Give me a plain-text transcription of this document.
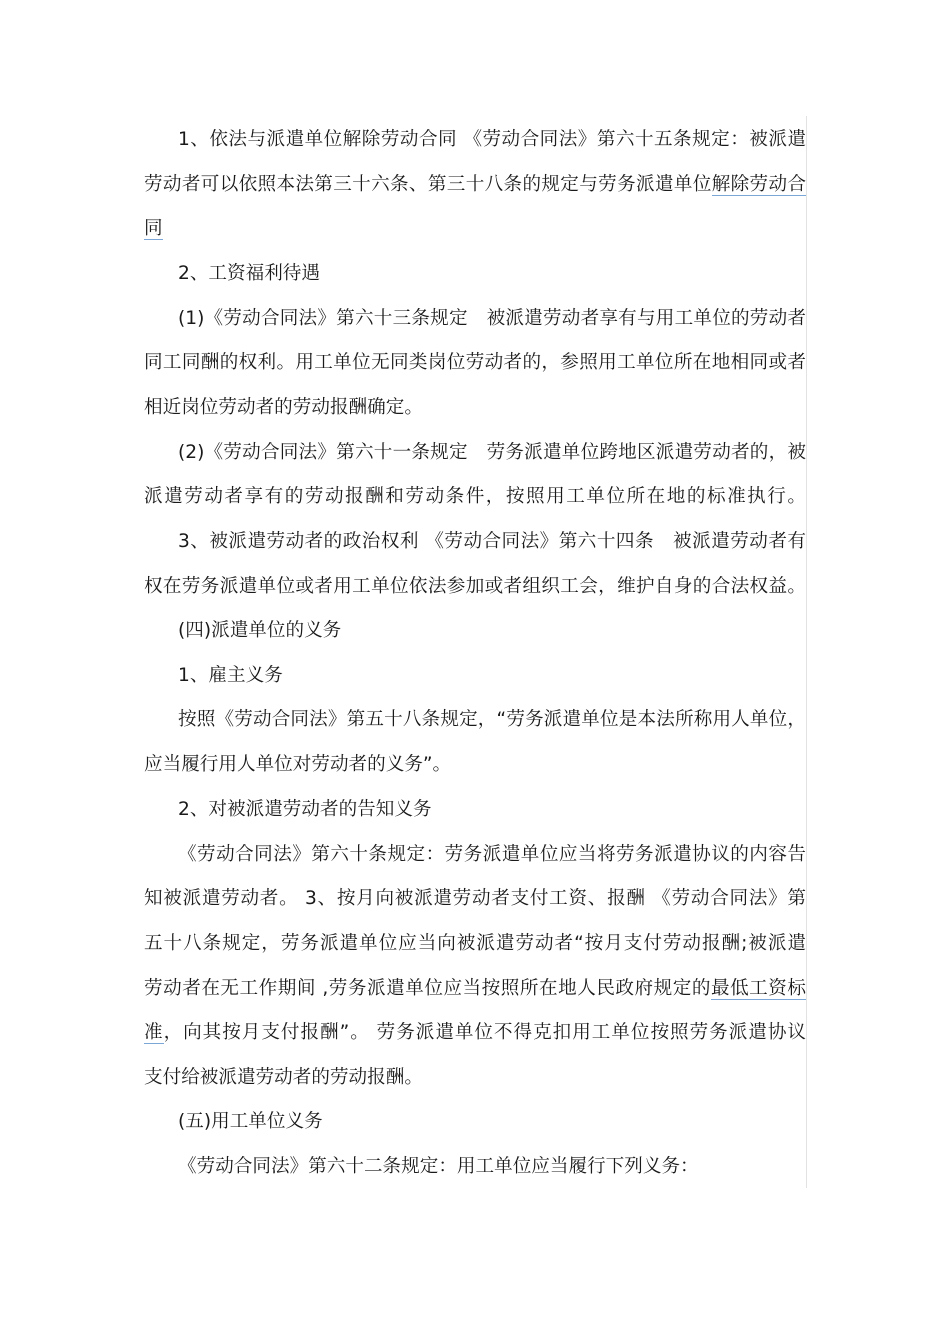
1、依法与派遣单位解除劳动合同 《劳动合同法》第六十五条规定：被派遣
劳动者可以依照本法第三十六条、第三十八条的规定与劳务派遣单位解除劳动合
同
2、工资福利待遇
(1)《劳动合同法》第六十三条规定　被派遣劳动者享有与用工单位的劳动者
同工同酬的权利。用工单位无同类岗位劳动者的，参照用工单位所在地相同或者
相近岗位劳动者的劳动报酬确定。
(2)《劳动合同法》第六十一条规定　劳务派遣单位跨地区派遣劳动者的，被
派遣劳动者享有的劳动报酬和劳动条件，按照用工单位所在地的标准执行。
3、被派遣劳动者的政治权利 《劳动合同法》第六十四条　被派遣劳动者有
权在劳务派遣单位或者用工单位依法参加或者组织工会，维护自身的合法权益。
(四)派遣单位的义务
1、雇主义务
按照《劳动合同法》第五十八条规定，“劳务派遣单位是本法所称用人单位，
应当履行用人单位对劳动者的义务”。
2、对被派遣劳动者的告知义务
《劳动合同法》第六十条规定：劳务派遣单位应当将劳务派遣协议的内容告
知被派遣劳动者。 3、按月向被派遣劳动者支付工资、报酬 《劳动合同法》第
五十八条规定，劳务派遣单位应当向被派遣劳动者“按月支付劳动报酬;被派遣
劳动者在无工作期间 ,劳务派遣单位应当按照所在地人民政府规定的最低工资标
准，向其按月支付报酬”。 劳务派遣单位不得克扣用工单位按照劳务派遣协议
支付给被派遣劳动者的劳动报酬。
(五)用工单位义务
《劳动合同法》第六十二条规定：用工单位应当履行下列义务：
